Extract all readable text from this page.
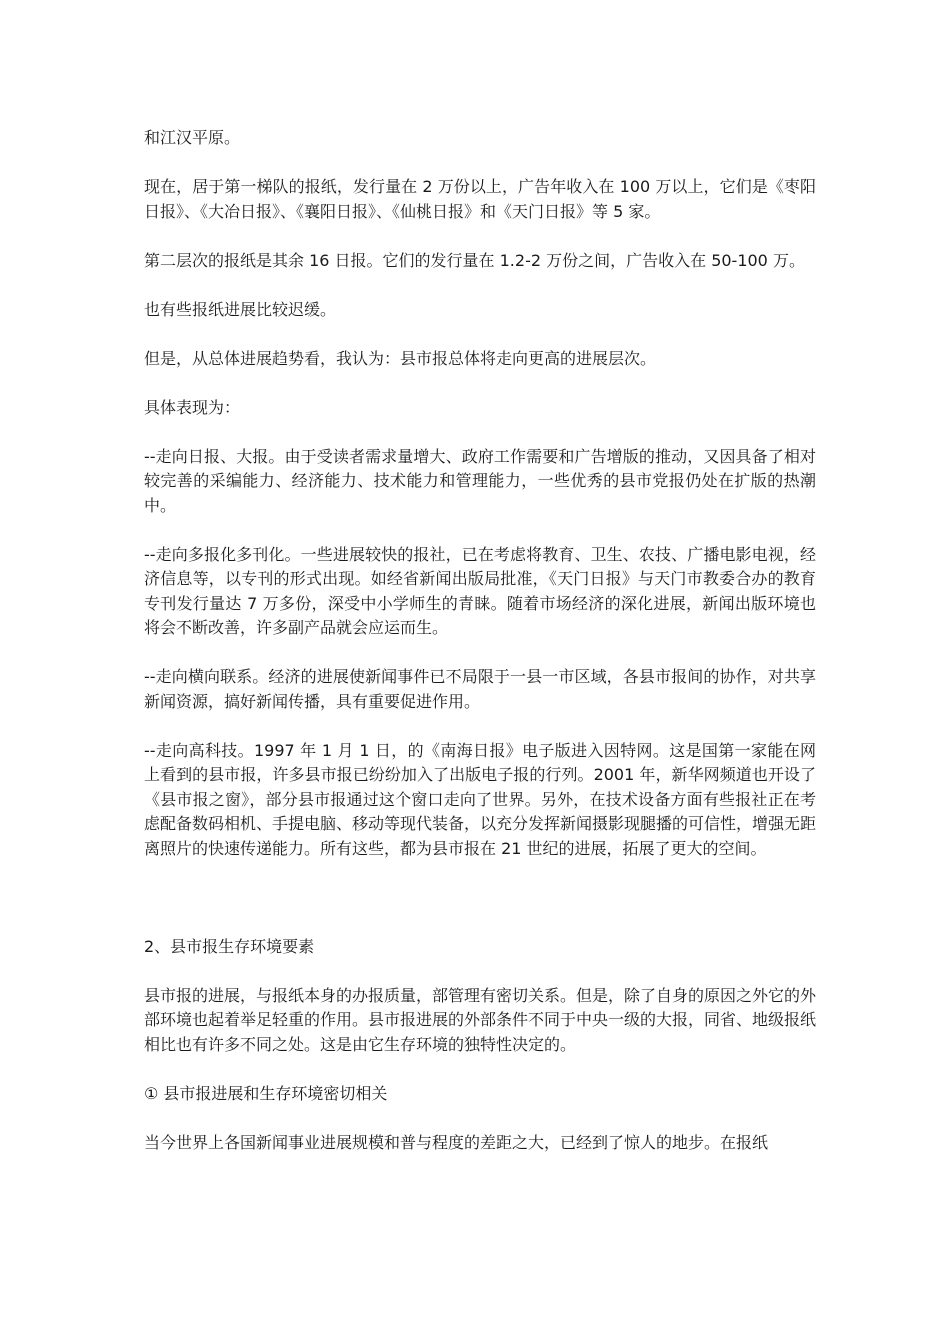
和江汉平原。

现在，居于第一梯队的报纸，发行量在 2 万份以上，广告年收入在 100 万以上，它们是《枣阳日报》、《大冶日报》、《襄阳日报》、《仙桃日报》和《天门日报》等 5 家。

第二层次的报纸是其余 16 日报。它们的发行量在 1.2-2 万份之间，广告收入在 50-100 万。

也有些报纸进展比较迟缓。

但是，从总体进展趋势看，我认为：县市报总体将走向更高的进展层次。

具体表现为：

--走向日报、大报。由于受读者需求量增大、政府工作需要和广告增版的推动，又因具备了相对较完善的采编能力、经济能力、技术能力和管理能力，一些优秀的县市党报仍处在扩版的热潮中。

--走向多报化多刊化。一些进展较快的报社，已在考虑将教育、卫生、农技、广播电影电视，经济信息等，以专刊的形式出现。如经省新闻出版局批准，《天门日报》与天门市教委合办的教育专刊发行量达 7 万多份，深受中小学师生的青睐。随着市场经济的深化进展，新闻出版环境也将会不断改善，许多副产品就会应运而生。

--走向横向联系。经济的进展使新闻事件已不局限于一县一市区域，各县市报间的协作，对共享新闻资源，搞好新闻传播，具有重要促进作用。

--走向高科技。1997 年 1 月 1 日，的《南海日报》电子版进入因特网。这是国第一家能在网上看到的县市报，许多县市报已纷纷加入了出版电子报的行列。2001 年，新华网频道也开设了《县市报之窗》，部分县市报通过这个窗口走向了世界。另外，在技术设备方面有些报社正在考虑配备数码相机、手提电脑、移动等现代装备，以充分发挥新闻摄影现腿播的可信性，增强无距离照片的快速传递能力。所有这些，都为县市报在 21 世纪的进展，拓展了更大的空间。

2、县市报生存环境要素

县市报的进展，与报纸本身的办报质量，部管理有密切关系。但是，除了自身的原因之外它的外部环境也起着举足轻重的作用。县市报进展的外部条件不同于中央一级的大报，同省、地级报纸相比也有许多不同之处。这是由它生存环境的独特性决定的。

① 县市报进展和生存环境密切相关

当今世界上各国新闻事业进展规模和普与程度的差距之大，已经到了惊人的地步。在报纸
